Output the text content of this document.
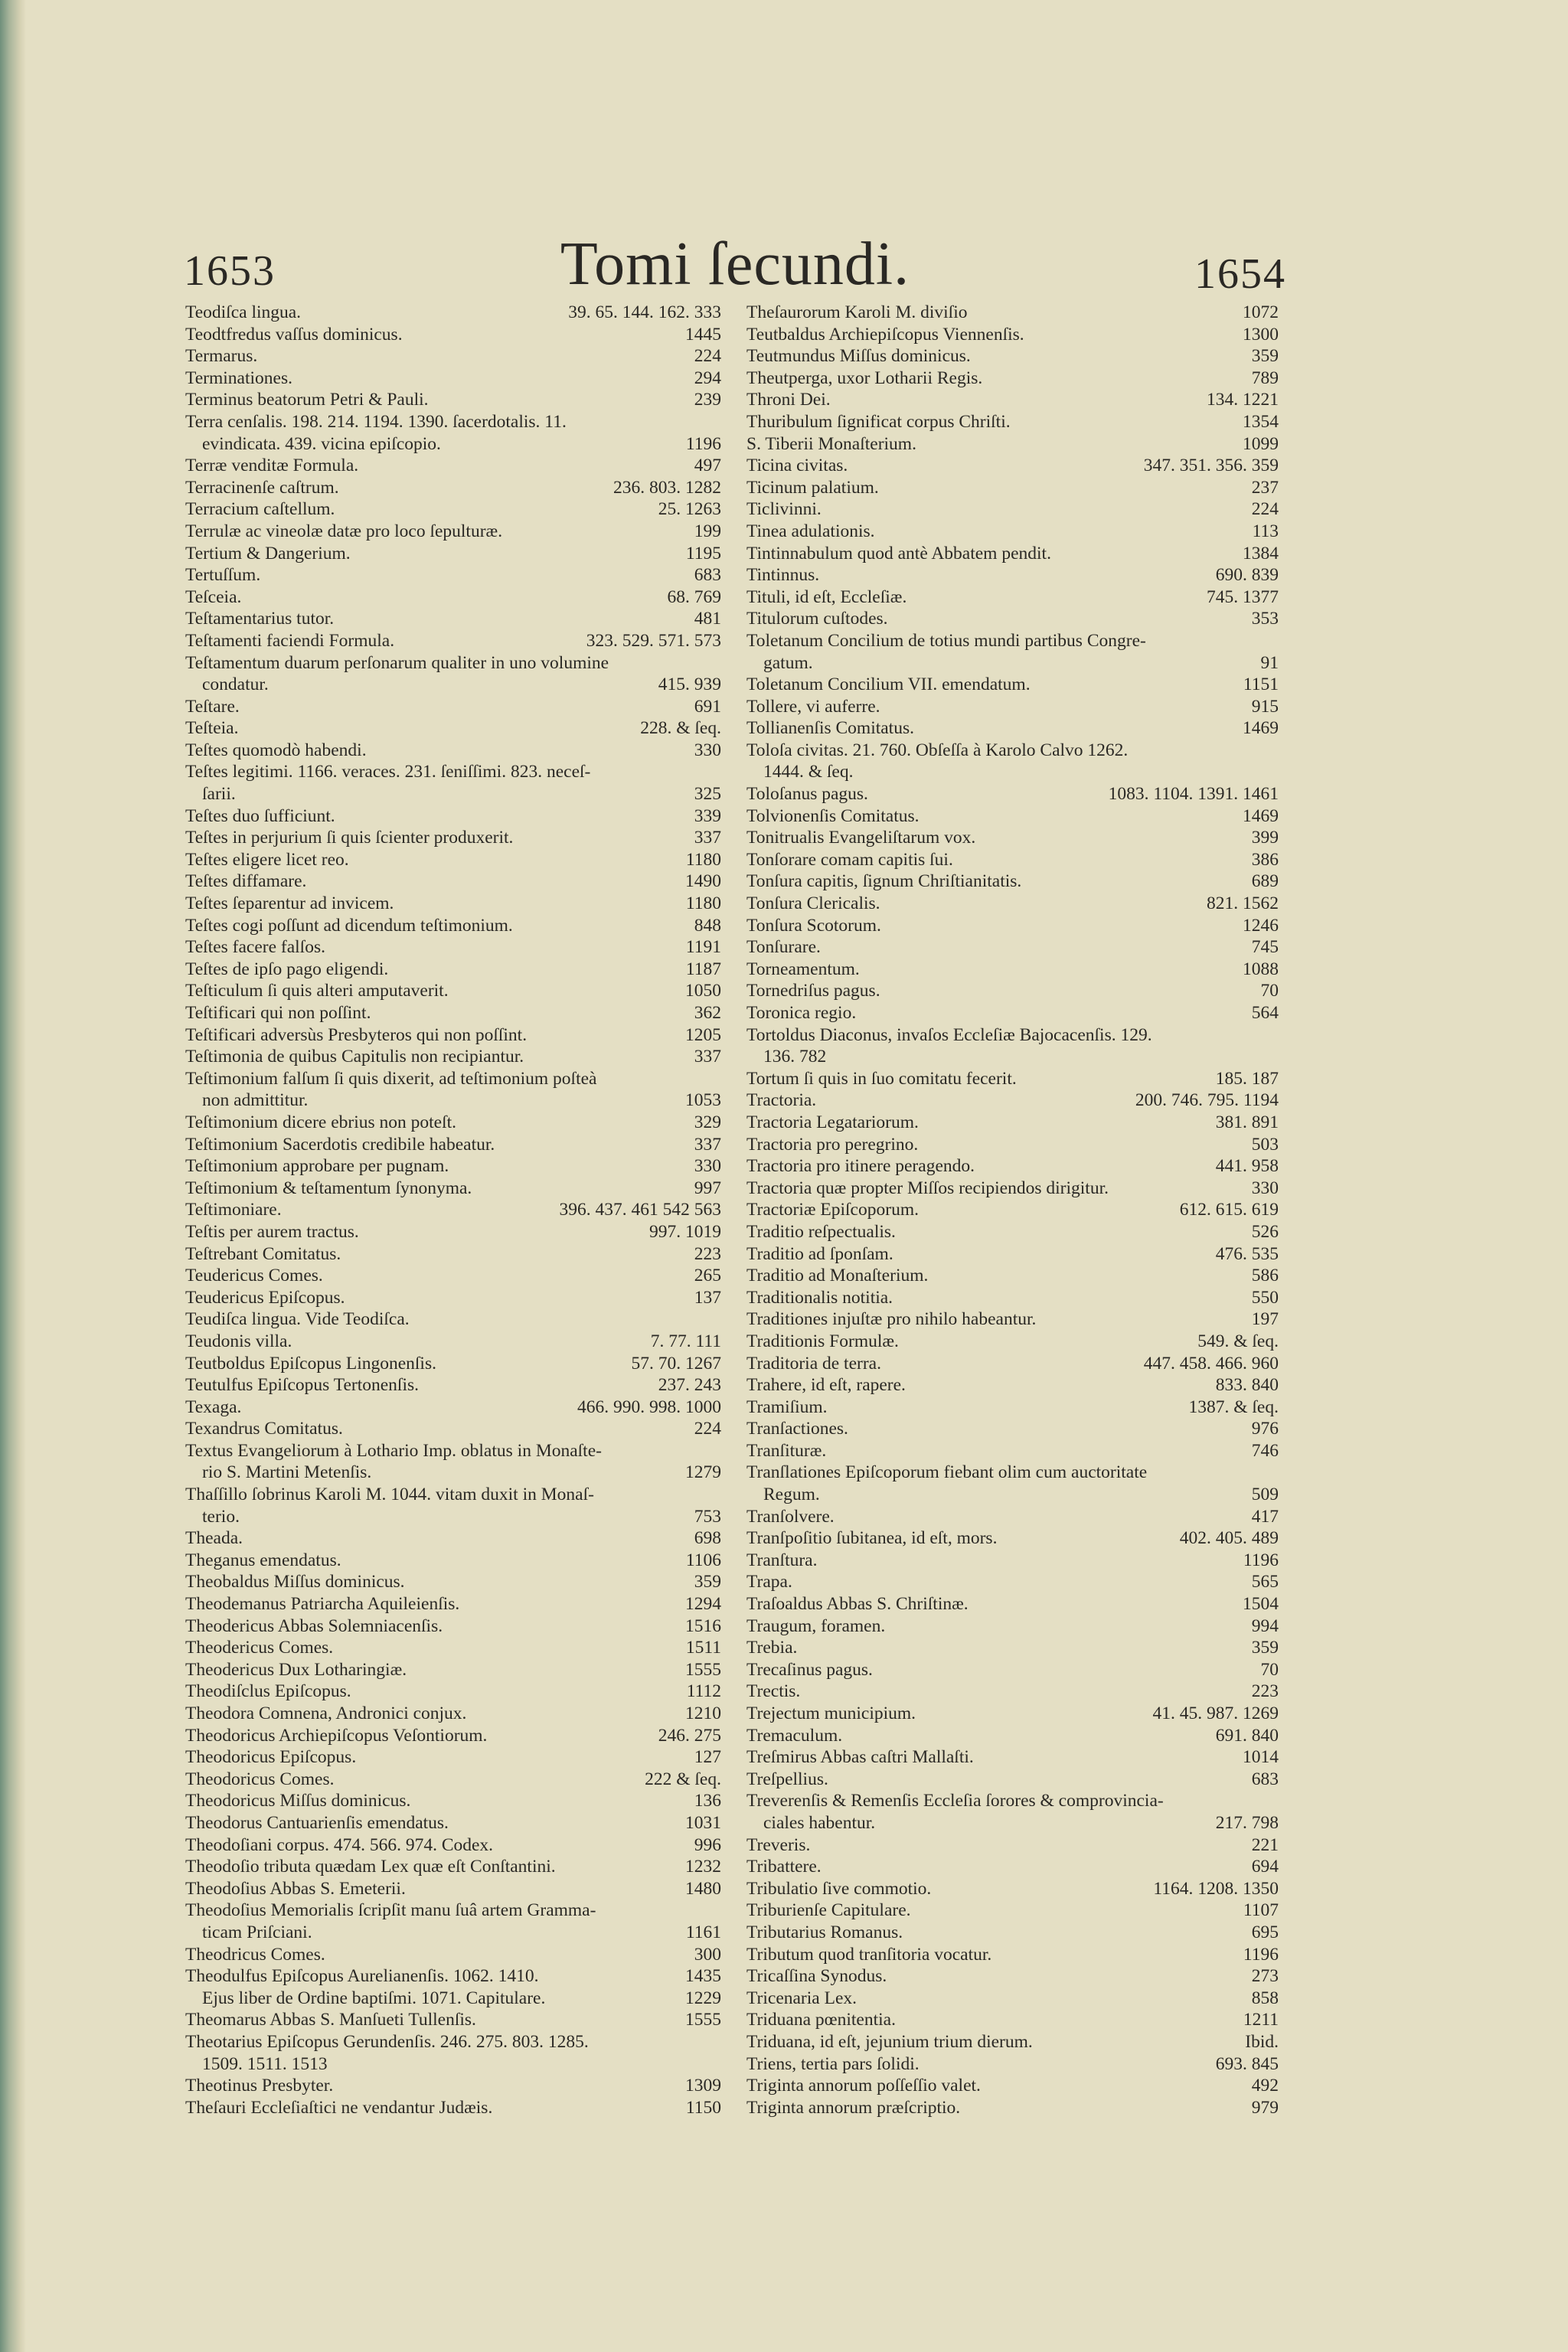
1653	Tomi ſecundi.	1654
39. 65. 144. 162. 333
Teodiſca lingua.
1445
Teodtfredus vaſſus dominicus.
224
Termarus.
294
Terminationes.
239
Terminus beatorum Petri & Pauli.
Terra cenſalis. 198. 214. 1194. 1390. ſacerdotalis. 11.
1196
evindicata. 439. vicina epiſcopio.
497
Terræ venditæ Formula.
236. 803. 1282
Terracinenſe caſtrum.
25. 1263
Terracium caſtellum.
199
Terrulæ ac vineolæ datæ pro loco ſepulturæ.
1195
Tertium & Dangerium.
683
Tertuſſum.
68. 769
Teſceia.
481
Teſtamentarius tutor.
323. 529. 571. 573
Teſtamenti faciendi Formula.
Teſtamentum duarum perſonarum qualiter in uno volumine
415. 939
condatur.
691
Teſtare.
228. & ſeq.
Teſteia.
330
Teſtes quomodò habendi.
Teſtes legitimi. 1166. veraces. 231. ſeniſſimi. 823. neceſ-
325
ſarii.
339
Teſtes duo ſufficiunt.
337
Teſtes in perjurium ſi quis ſcienter produxerit.
1180
Teſtes eligere licet reo.
1490
Teſtes diffamare.
1180
Teſtes ſeparentur ad invicem.
848
Teſtes cogi poſſunt ad dicendum teſtimonium.
1191
Teſtes facere falſos.
1187
Teſtes de ipſo pago eligendi.
1050
Teſticulum ſi quis alteri amputaverit.
362
Teſtificari qui non poſſint.
1205
Teſtificari adversùs Presbyteros qui non poſſint.
337
Teſtimonia de quibus Capitulis non recipiantur.
Teſtimonium falſum ſi quis dixerit, ad teſtimonium poſteà
1053
non admittitur.
329
Teſtimonium dicere ebrius non poteſt.
337
Teſtimonium Sacerdotis credibile habeatur.
330
Teſtimonium approbare per pugnam.
997
Teſtimonium & teſtamentum ſynonyma.
396. 437. 461 542 563
Teſtimoniare.
997. 1019
Teſtis per aurem tractus.
223
Teſtrebant Comitatus.
265
Teudericus Comes.
137
Teudericus Epiſcopus.
Teudiſca lingua. Vide Teodiſca.
7. 77. 111
Teudonis villa.
57. 70. 1267
Teutboldus Epiſcopus Lingonenſis.
237. 243
Teutulfus Epiſcopus Tertonenſis.
466. 990. 998. 1000
Texaga.
224
Texandrus Comitatus.
Textus Evangeliorum à Lothario Imp. oblatus in Monaſte-
1279
rio S. Martini Metenſis.
Thaſſillo ſobrinus Karoli M. 1044. vitam duxit in Monaſ-
753
terio.
698
Theada.
1106
Theganus emendatus.
359
Theobaldus Miſſus dominicus.
1294
Theodemanus Patriarcha Aquileienſis.
1516
Theodericus Abbas Solemniacenſis.
1511
Theodericus Comes.
1555
Theodericus Dux Lotharingiæ.
1112
Theodiſclus Epiſcopus.
1210
Theodora Comnena, Andronici conjux.
246. 275
Theodoricus Archiepiſcopus Veſontiorum.
127
Theodoricus Epiſcopus.
222 & ſeq.
Theodoricus Comes.
136
Theodoricus Miſſus dominicus.
1031
Theodorus Cantuarienſis emendatus.
996
Theodoſiani corpus. 474. 566. 974. Codex.
1232
Theodoſio tributa quædam Lex quæ eſt Conſtantini.
1480
Theodoſius Abbas S. Emeterii.
Theodoſius Memorialis ſcripſit manu ſuâ artem Gramma-
1161
ticam Priſciani.
300
Theodricus Comes.
1435
Theodulfus Epiſcopus Aurelianenſis. 1062. 1410.
1229
Ejus liber de Ordine baptiſmi. 1071. Capitulare.
1555
Theomarus Abbas S. Manſueti Tullenſis.
Theotarius Epiſcopus Gerundenſis. 246. 275. 803. 1285.
1509. 1511. 1513
1309
Theotinus Presbyter.
1150
Theſauri Eccleſiaſtici ne vendantur Judæis.
1072
Theſaurorum Karoli M. diviſio
1300
Teutbaldus Archiepiſcopus Viennenſis.
359
Teutmundus Miſſus dominicus.
789
Theutperga, uxor Lotharii Regis.
134. 1221
Throni Dei.
1354
Thuribulum ſignificat corpus Chriſti.
1099
S. Tiberii Monaſterium.
347. 351. 356. 359
Ticina civitas.
237
Ticinum palatium.
224
Ticlivinni.
113
Tinea adulationis.
1384
Tintinnabulum quod antè Abbatem pendit.
690. 839
Tintinnus.
745. 1377
Tituli, id eſt, Eccleſiæ.
353
Titulorum cuſtodes.
Toletanum Concilium de totius mundi partibus Congre-
91
gatum.
1151
Toletanum Concilium VII. emendatum.
915
Tollere, vi auferre.
1469
Tollianenſis Comitatus.
Toloſa civitas. 21. 760. Obſeſſa à Karolo Calvo 1262.
1444. & ſeq.
1083. 1104. 1391. 1461
Toloſanus pagus.
1469
Tolvionenſis Comitatus.
399
Tonitrualis Evangeliſtarum vox.
386
Tonſorare comam capitis ſui.
689
Tonſura capitis, ſignum Chriſtianitatis.
821. 1562
Tonſura Clericalis.
1246
Tonſura Scotorum.
745
Tonſurare.
1088
Torneamentum.
70
Tornedriſus pagus.
564
Toronica regio.
Tortoldus Diaconus, invaſos Eccleſiæ Bajocacenſis. 129.
136. 782
185. 187
Tortum ſi quis in ſuo comitatu fecerit.
200. 746. 795. 1194
Tractoria.
381. 891
Tractoria Legatariorum.
503
Tractoria pro peregrino.
441. 958
Tractoria pro itinere peragendo.
330
Tractoria quæ propter Miſſos recipiendos dirigitur.
612. 615. 619
Tractoriæ Epiſcoporum.
526
Traditio reſpectualis.
476. 535
Traditio ad ſponſam.
586
Traditio ad Monaſterium.
550
Traditionalis notitia.
197
Traditiones injuſtæ pro nihilo habeantur.
549. & ſeq.
Traditionis Formulæ.
447. 458. 466. 960
Traditoria de terra.
833. 840
Trahere, id eſt, rapere.
1387. & ſeq.
Tramiſium.
976
Tranſactiones.
746
Tranſituræ.
Tranſlationes Epiſcoporum fiebant olim cum auctoritate
509
Regum.
417
Tranſolvere.
402. 405. 489
Tranſpoſitio ſubitanea, id eſt, mors.
1196
Tranſtura.
565
Trapa.
1504
Traſoaldus Abbas S. Chriſtinæ.
994
Traugum, foramen.
359
Trebia.
70
Trecaſinus pagus.
223
Trectis.
41. 45. 987. 1269
Trejectum municipium.
691. 840
Tremaculum.
1014
Treſmirus Abbas caſtri Mallaſti.
683
Treſpellius.
Treverenſis & Remenſis Eccleſia ſorores & comprovincia-
217. 798
ciales habentur.
221
Treveris.
694
Tribattere.
1164. 1208. 1350
Tribulatio ſive commotio.
1107
Triburienſe Capitulare.
695
Tributarius Romanus.
1196
Tributum quod tranſitoria vocatur.
273
Tricaſſina Synodus.
858
Tricenaria Lex.
1211
Triduana pœnitentia.
Ibid.
Triduana, id eſt, jejunium trium dierum.
693. 845
Triens, tertia pars ſolidi.
492
Triginta annorum poſſeſſio valet.
979
Triginta annorum præſcriptio.
